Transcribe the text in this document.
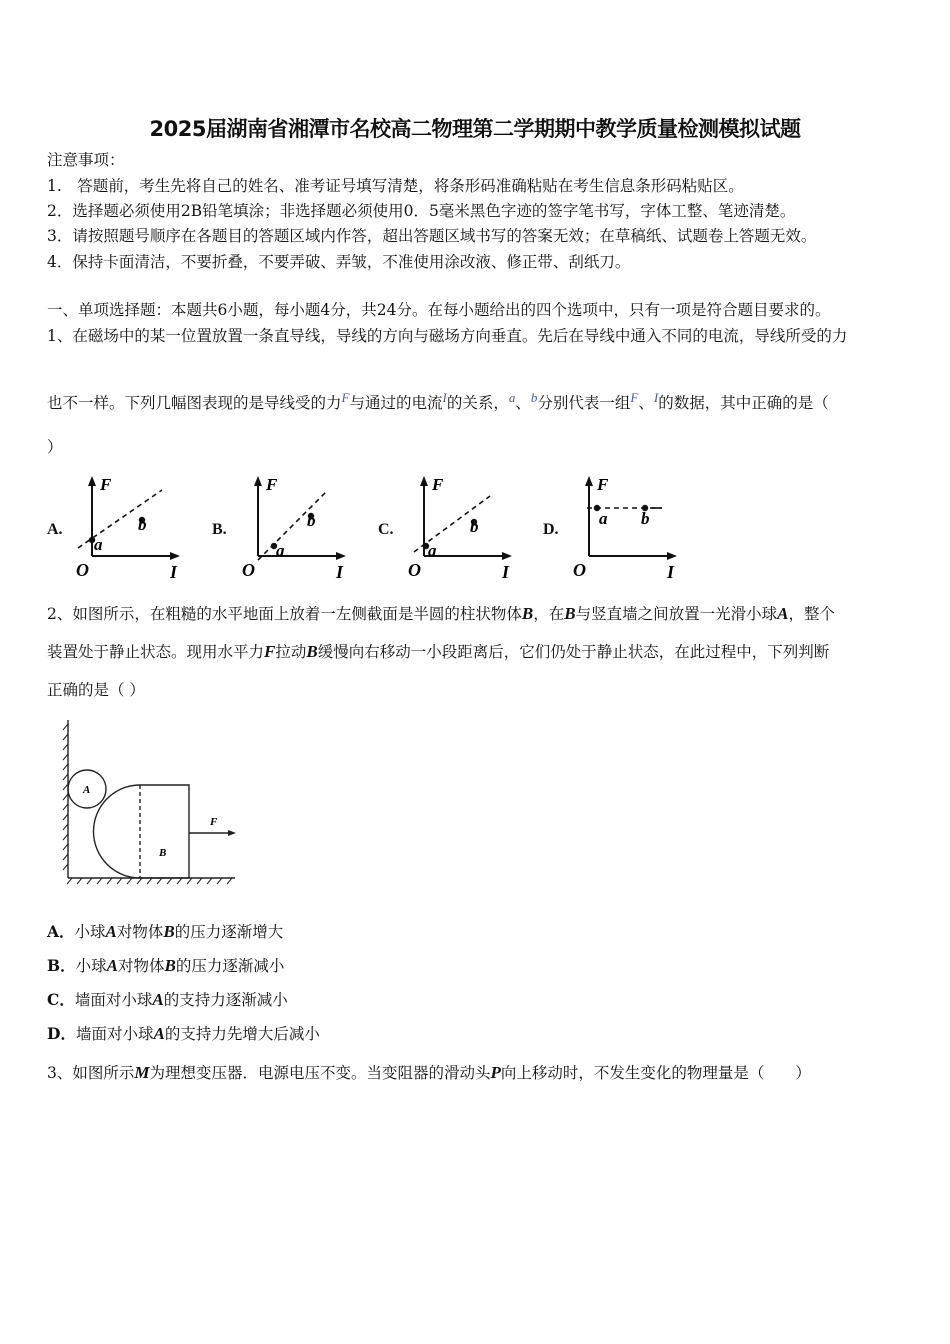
2025届湖南省湘潭市名校高二物理第二学期期中教学质量检测模拟试题
注意事项：
1.　答题前，考生先将自己的姓名、准考证号填写清楚，将条形码准确粘贴在考生信息条形码粘贴区。
2．选择题必须使用2B铅笔填涂；非选择题必须使用0．5毫米黑色字迹的签字笔书写，字体工整、笔迹清楚。
3．请按照题号顺序在各题目的答题区域内作答，超出答题区域书写的答案无效；在草稿纸、试题卷上答题无效。
4．保持卡面清洁，不要折叠，不要弄破、弄皱，不准使用涂改液、修正带、刮纸刀。
一、单项选择题：本题共6小题，每小题4分，共24分。在每小题给出的四个选项中，只有一项是符合题目要求的。
1、在磁场中的某一位置放置一条直导线，导线的方向与磁场方向垂直。先后在导线中通入不同的电流，导线所受的力
也不一样。下列几幅图表现的是导线受的力$^F$与通过的电流$^I$的关系，$^a$、$^b$分别代表一组$^F$、$^I$的数据，其中正确的是（
）
A.	B.	C.	D.
F
I
O
a
b
F
I
O
a
b
F
I
O
a
b
F
I
O
a b
2、如图所示，在粗糙的水平地面上放着一左侧截面是半圆的柱状物体B，在B与竖直墙之间放置一光滑小球A，整个
装置处于静止状态。现用水平力F拉动B缓慢向右移动一小段距离后，它们仍处于静止状态，在此过程中，下列判断
正确的是（ ）
A
B
F
A．小球A对物体B的压力逐渐增大
B．小球A对物体B的压力逐渐减小
C．墙面对小球A的支持力逐渐减小
D．墙面对小球A的支持力先增大后减小
3、如图所示M为理想变压器．电源电压不变。当变阻器的滑动头P向上移动时，不发生变化的物理量是（　　）
